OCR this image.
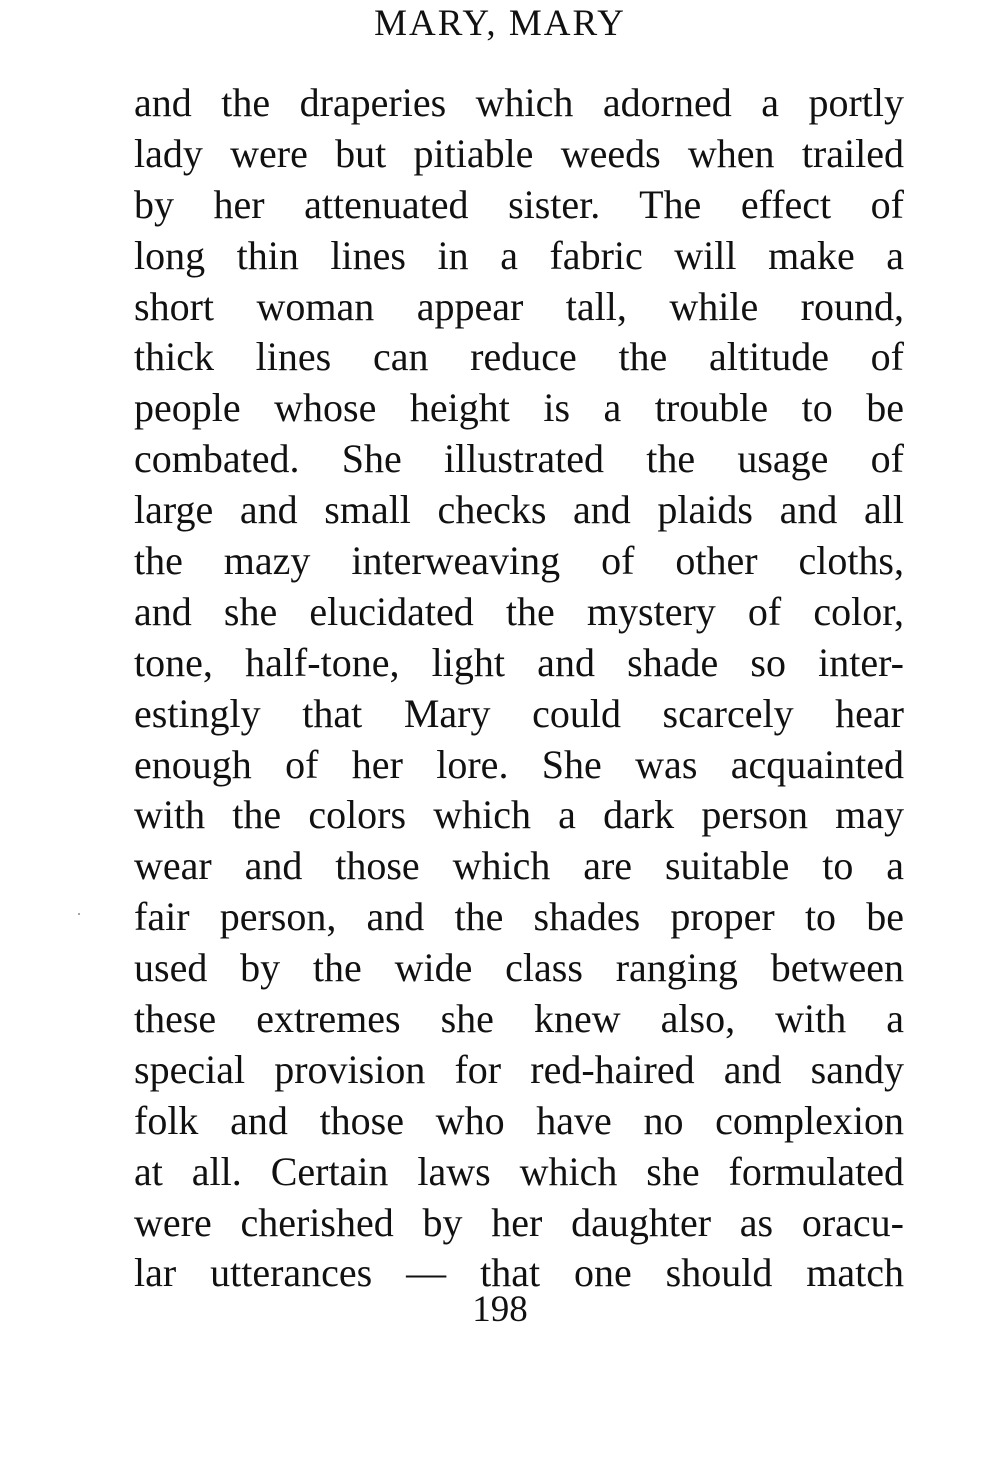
MARY, MARY
and the draperies which adorned a portly
lady were but pitiable weeds when trailed
by her attenuated sister. The effect of
long thin lines in a fabric will make a
short woman appear tall, while round,
thick lines can reduce the altitude of
people whose height is a trouble to be
combated. She illustrated the usage of
large and small checks and plaids and all
the mazy interweaving of other cloths,
and she elucidated the mystery of color,
tone, half-tone, light and shade so inter-
estingly that Mary could scarcely hear
enough of her lore. She was acquainted
with the colors which a dark person may
wear and those which are suitable to a
fair person, and the shades proper to be
used by the wide class ranging between
these extremes she knew also, with a
special provision for red-haired and sandy
folk and those who have no complexion
at all. Certain laws which she formulated
were cherished by her daughter as oracu-
lar utterances — that one should match
198
